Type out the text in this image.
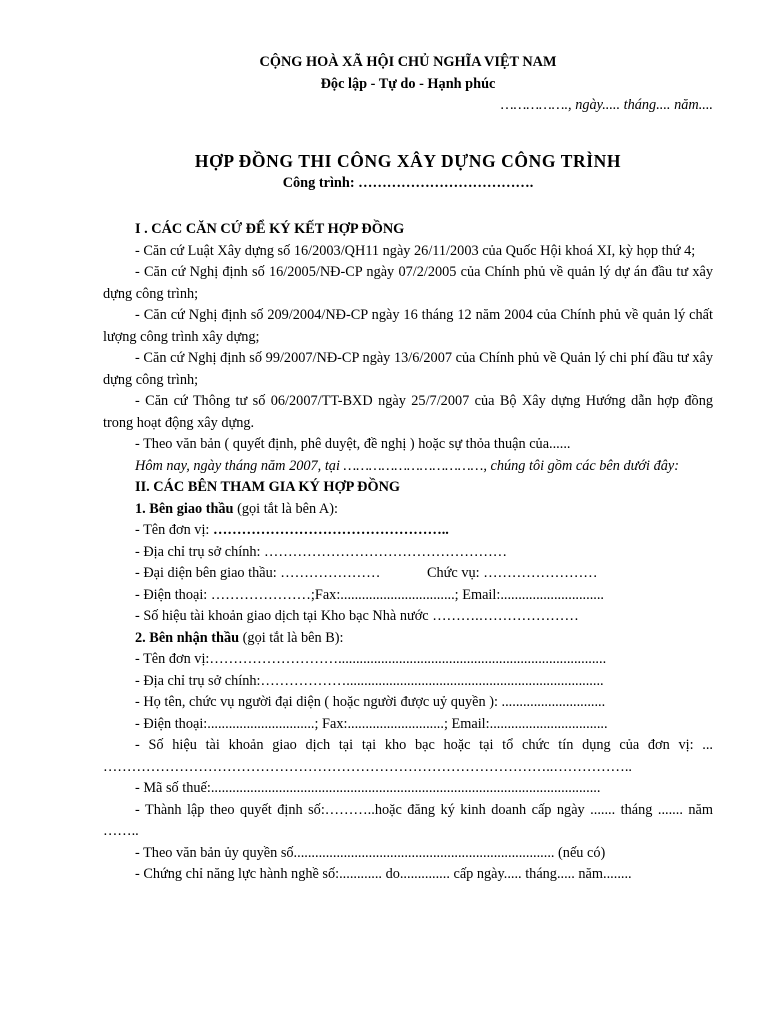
CỘNG HOÀ XÃ HỘI CHỦ NGHĨA VIỆT NAM

Độc lập - Tự do - Hạnh phúc

……………., ngày..... tháng.... năm....

HỢP ĐỒNG THI CÔNG XÂY DỰNG CÔNG TRÌNH

Công trình: ……………………………….

I . CÁC CĂN CỨ ĐỂ KÝ KẾT HỢP ĐỒNG

- Căn cứ Luật Xây dựng số 16/2003/QH11 ngày 26/11/2003 của Quốc Hội khoá XI, kỳ họp thứ 4;

- Căn cứ Nghị định số 16/2005/NĐ-CP ngày 07/2/2005 của Chính phủ về quản lý dự án đầu tư xây dựng công trình;

- Căn cứ Nghị định số 209/2004/NĐ-CP ngày 16 tháng 12 năm 2004 của Chính phủ về quản lý chất lượng công trình xây dựng;

- Căn cứ Nghị định số 99/2007/NĐ-CP ngày 13/6/2007 của Chính phủ về Quản lý chi phí đầu tư xây dựng công trình;

- Căn cứ Thông tư số 06/2007/TT-BXD ngày 25/7/2007 của Bộ Xây dựng Hướng dẫn hợp đồng trong hoạt động xây dựng.

- Theo văn bản ( quyết định, phê duyệt, đề nghị ) hoặc sự thỏa thuận của......

Hôm nay, ngày tháng năm 2007, tại ……………………………, chúng tôi gồm các bên dưới đây:

II. CÁC BÊN THAM GIA KÝ HỢP ĐỒNG

1. Bên giao thầu (gọi tắt là bên A):

- Tên đơn vị: …………………………………………..

- Địa chỉ trụ sở chính: ……………………………………………

- Đại diện bên giao thầu: …………………	Chức vụ: ……………………

- Điện thoại: …………………;Fax:................................; Email:.............................

- Số hiệu tài khoản giao dịch tại Kho bạc Nhà nước ……….…………………

2. Bên nhận thầu (gọi tắt là bên B):

- Tên đơn vị:………………………...........................................................................

- Địa chỉ trụ sở chính:………………........................................................................

- Họ tên, chức vụ người đại diện ( hoặc người được uỷ quyền ): .............................

- Điện thoại:..............................; Fax:...........................; Email:.................................

- Số hiệu tài khoản giao dịch tại tại kho bạc hoặc tại tổ chức tín dụng của đơn vị: ... …………………………………………………………………………………..……………..

- Mã số thuế:.............................................................................................................

- Thành lập theo quyết định số:………..hoặc đăng ký kinh doanh cấp ngày ....... tháng ....... năm ……..

- Theo văn bản ủy quyền số......................................................................... (nếu có)

- Chứng chỉ năng lực hành nghề số:............ do.............. cấp ngày..... tháng..... năm........
